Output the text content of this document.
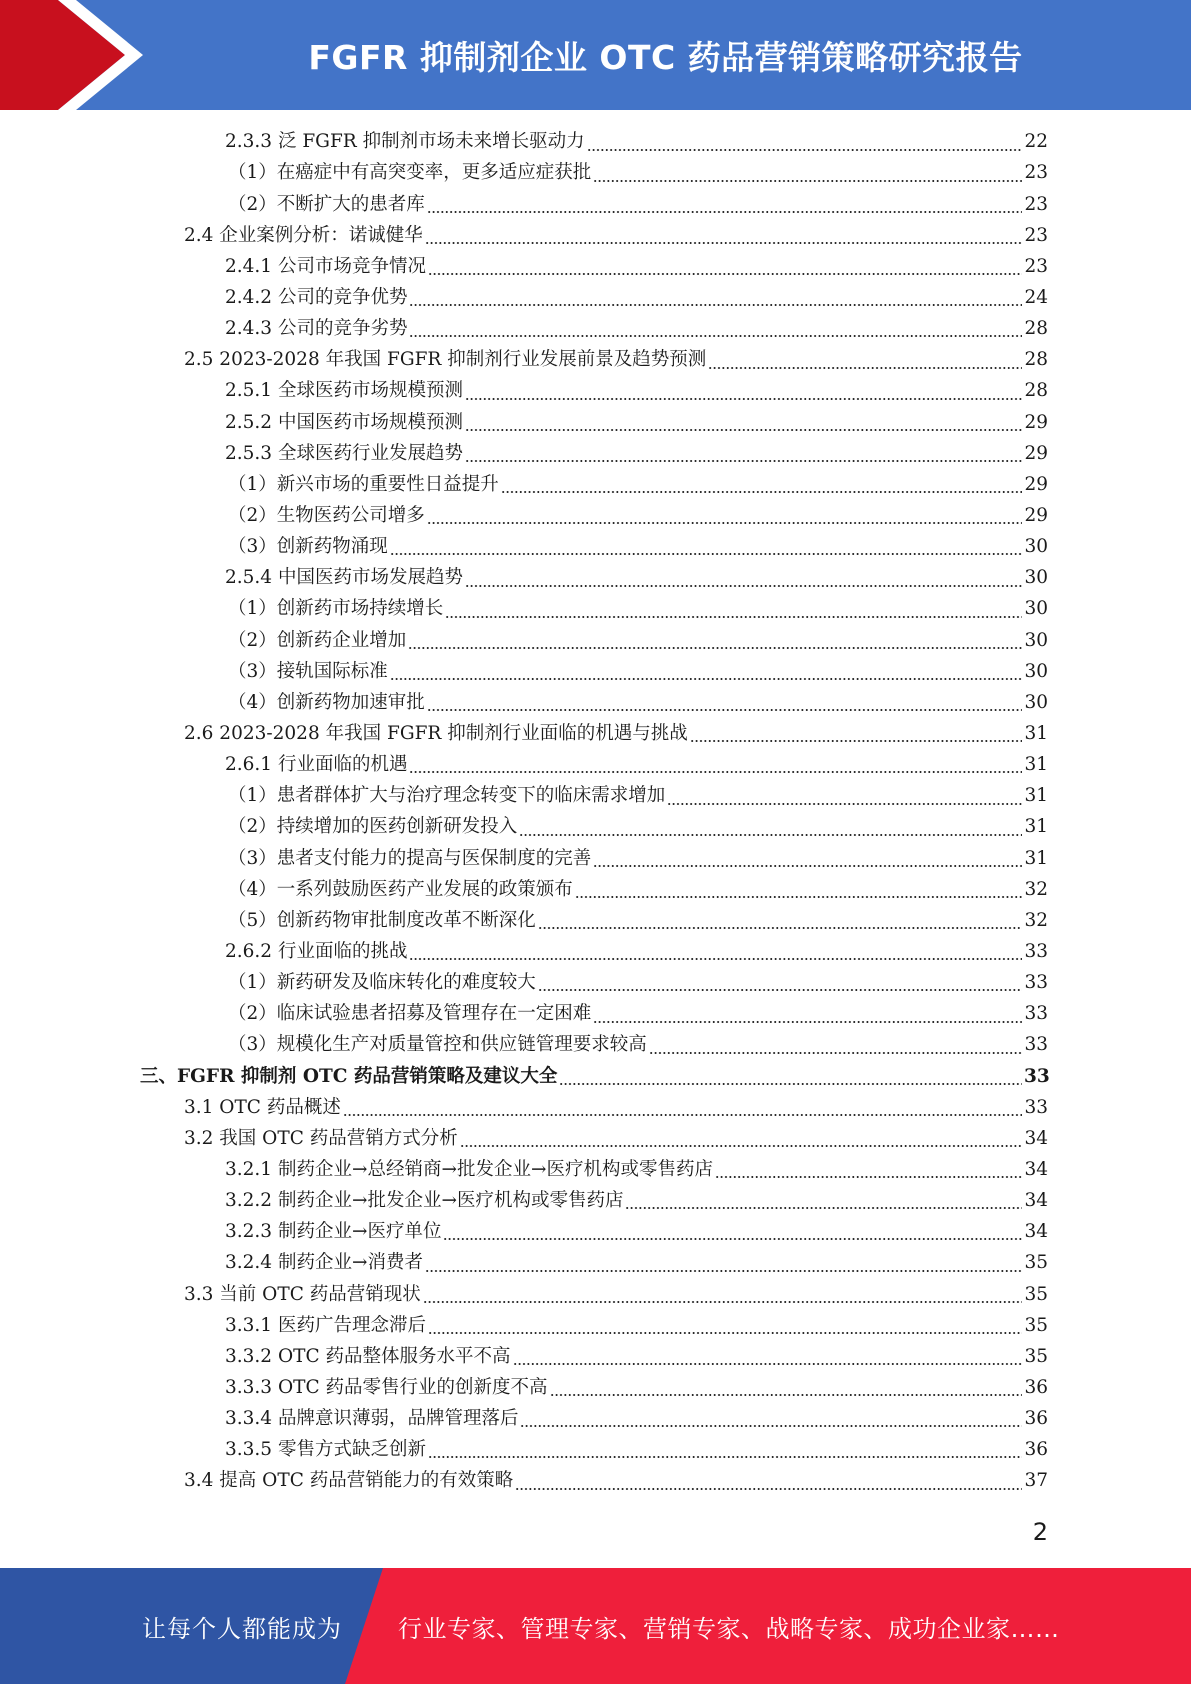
FGFR 抑制剂企业 OTC 药品营销策略研究报告
2.3.3 泛 FGFR 抑制剂市场未来增长驱动力	22
（1）在癌症中有高突变率，更多适应症获批	23
（2）不断扩大的患者库	23
2.4 企业案例分析：诺诚健华	23
2.4.1 公司市场竞争情况	23
2.4.2 公司的竞争优势	24
2.4.3 公司的竞争劣势	28
2.5 2023-2028 年我国 FGFR 抑制剂行业发展前景及趋势预测	28
2.5.1 全球医药市场规模预测	28
2.5.2 中国医药市场规模预测	29
2.5.3 全球医药行业发展趋势	29
（1）新兴市场的重要性日益提升	29
（2）生物医药公司增多	29
（3）创新药物涌现	30
2.5.4 中国医药市场发展趋势	30
（1）创新药市场持续增长	30
（2）创新药企业增加	30
（3）接轨国际标准	30
（4）创新药物加速审批	30
2.6 2023-2028 年我国 FGFR 抑制剂行业面临的机遇与挑战	31
2.6.1 行业面临的机遇	31
（1）患者群体扩大与治疗理念转变下的临床需求增加	31
（2）持续增加的医药创新研发投入	31
（3）患者支付能力的提高与医保制度的完善	31
（4）一系列鼓励医药产业发展的政策颁布	32
（5）创新药物审批制度改革不断深化	32
2.6.2 行业面临的挑战	33
（1）新药研发及临床转化的难度较大	33
（2）临床试验患者招募及管理存在一定困难	33
（3）规模化生产对质量管控和供应链管理要求较高	33
三、FGFR 抑制剂 OTC 药品营销策略及建议大全	33
3.1 OTC 药品概述	33
3.2 我国 OTC 药品营销方式分析	34
3.2.1 制药企业→总经销商→批发企业→医疗机构或零售药店	34
3.2.2 制药企业→批发企业→医疗机构或零售药店	34
3.2.3 制药企业→医疗单位	34
3.2.4 制药企业→消费者	35
3.3 当前 OTC 药品营销现状	35
3.3.1 医药广告理念滞后	35
3.3.2 OTC 药品整体服务水平不高	35
3.3.3 OTC 药品零售行业的创新度不高	36
3.3.4 品牌意识薄弱，品牌管理落后	36
3.3.5 零售方式缺乏创新	36
3.4 提高 OTC 药品营销能力的有效策略	37
2
让每个人都能成为 行业专家、管理专家、营销专家、战略专家、成功企业家……
